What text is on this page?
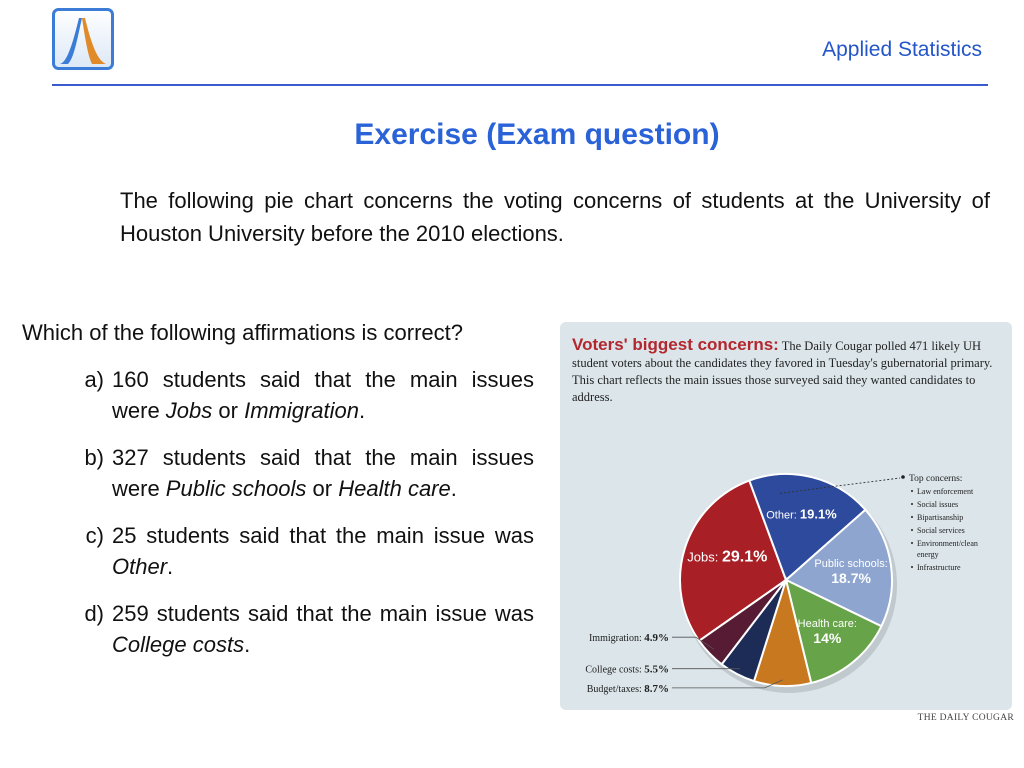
Applied Statistics
Exercise (Exam question)
The following pie chart concerns the voting concerns of students at the University of Houston University before the 2010 elections.
Which of the following affirmations is correct?
a) 160 students said that the main issues were Jobs or Immigration.
b) 327 students said that the main issues were Public schools or Health care.
c) 25 students said that the main issue was Other.
d) 259 students said that the main issue was College costs.
Voters' biggest concerns: The Daily Cougar polled 471 likely UH student voters about the candidates they favored in Tuesday's gubernatorial primary. This chart reflects the main issues those surveyed said they wanted candidates to address.
Jobs: 29.1%
Other: 19.1%
Public schools: 18.7%
Health care: 14%
Budget/taxes: 8.7%
College costs: 5.5%
Immigration: 4.9%
Top concerns:
Law enforcement
Social issues
Bipartisanship
Social services
Environment/clean
energy
Infrastructure
THE DAILY COUGAR
